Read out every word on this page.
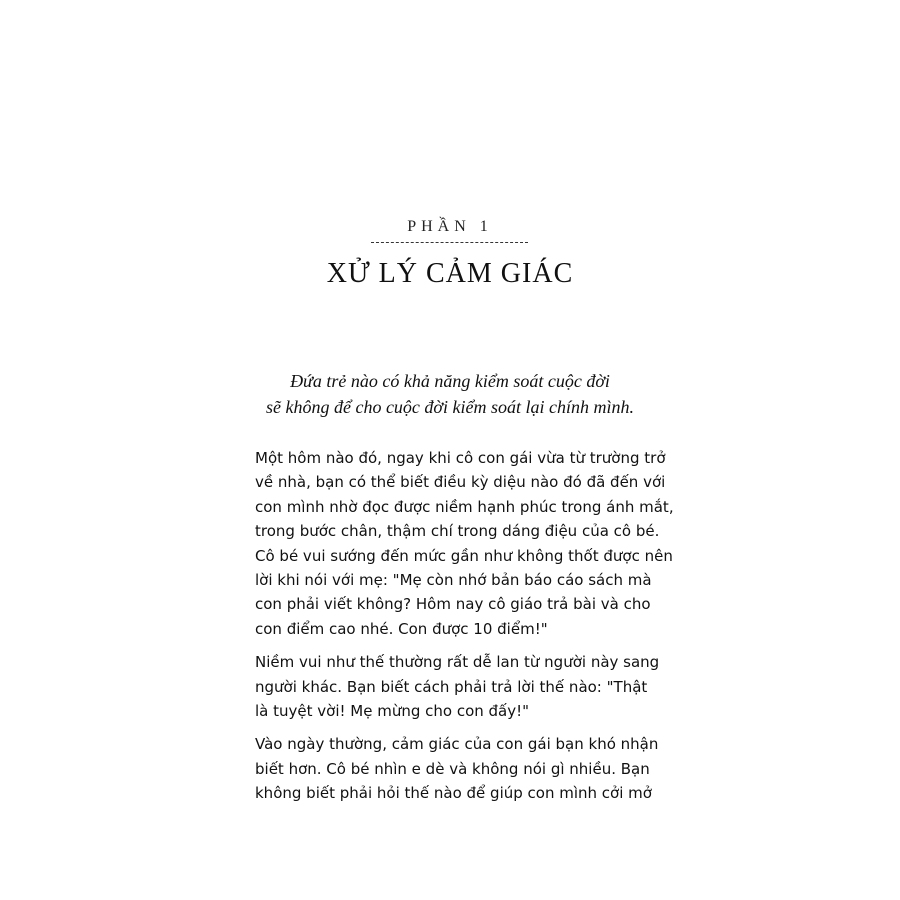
PHẦN 1
XỬ LÝ CẢM GIÁC
Đứa trẻ nào có khả năng kiểm soát cuộc đời
sẽ không để cho cuộc đời kiểm soát lại chính mình.
Một hôm nào đó, ngay khi cô con gái vừa từ trường trở
về nhà, bạn có thể biết điều kỳ diệu nào đó đã đến với
con mình nhờ đọc được niềm hạnh phúc trong ánh mắt,
trong bước chân, thậm chí trong dáng điệu của cô bé.
Cô bé vui sướng đến mức gần như không thốt được nên
lời khi nói với mẹ: "Mẹ còn nhớ bản báo cáo sách mà
con phải viết không? Hôm nay cô giáo trả bài và cho
con điểm cao nhé. Con được 10 điểm!"
Niềm vui như thế thường rất dễ lan từ người này sang
người khác. Bạn biết cách phải trả lời thế nào: "Thật
là tuyệt vời! Mẹ mừng cho con đấy!"
Vào ngày thường, cảm giác của con gái bạn khó nhận
biết hơn. Cô bé nhìn e dè và không nói gì nhiều. Bạn
không biết phải hỏi thế nào để giúp con mình cởi mở
